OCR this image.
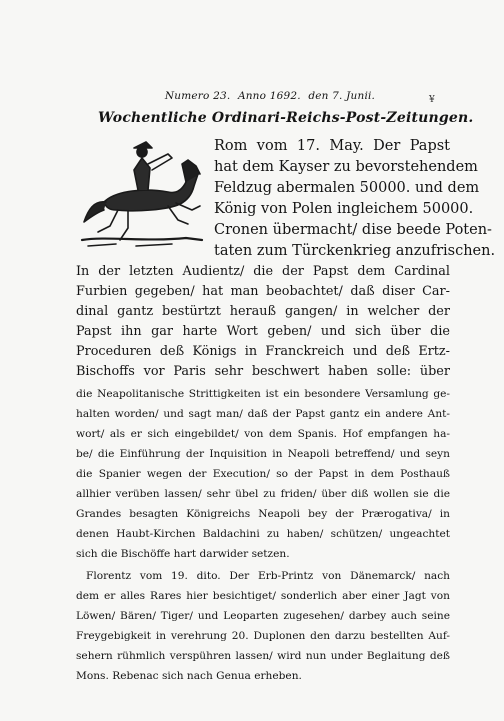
¥
Numero 23. Anno 1692. den 7. Junii.
Wochentliche Ordinari-Reichs-Post-Zeitungen.
Rom vom 17. May. Der Papst
hat dem Kayser zu bevorstehendem
Feldzug abermalen 50000. und dem
König von Polen ingleichem 50000.
Cronen übermacht/ dise beede Poten-
taten zum Türckenkrieg anzufrischen.
In der letzten Audientz/ die der Papst dem Cardinal
Furbien gegeben/ hat man beobachtet/ daß diser Car-
dinal gantz bestürtzt herauß gangen/ in welcher der
Papst ihn gar harte Wort geben/ und sich über die
Proceduren deß Königs in Franckreich und deß Ertz-
Bischoffs vor Paris sehr beschwert haben solle: über
die Neapolitanische Strittigkeiten ist ein besondere Versamlung ge-
halten worden/ und sagt man/ daß der Papst gantz ein andere Ant-
wort/ als er sich eingebildet/ von dem Spanis. Hof empfangen ha-
be/ die Einführung der Inquisition in Neapoli betreffend/ und seyn
die Spanier wegen der Execution/ so der Papst in dem Posthauß
allhier verüben lassen/ sehr übel zu friden/ über diß wollen sie die
Grandes besagten Königreichs Neapoli bey der Prærogativa/ in
denen Haubt-Kirchen Baldachini zu haben/ schützen/ ungeachtet
sich die Bischöffe hart darwider setzen.
Florentz vom 19. dito. Der Erb-Printz von Dänemarck/ nach
dem er alles Rares hier besichtiget/ sonderlich aber einer Jagt von
Löwen/ Bären/ Tiger/ und Leoparten zugesehen/ darbey auch seine
Freygebigkeit in verehrung 20. Duplonen den darzu bestellten Auf-
sehern rühmlich verspühren lassen/ wird nun under Beglaitung deß
Mons. Rebenac sich nach Genua erheben.
